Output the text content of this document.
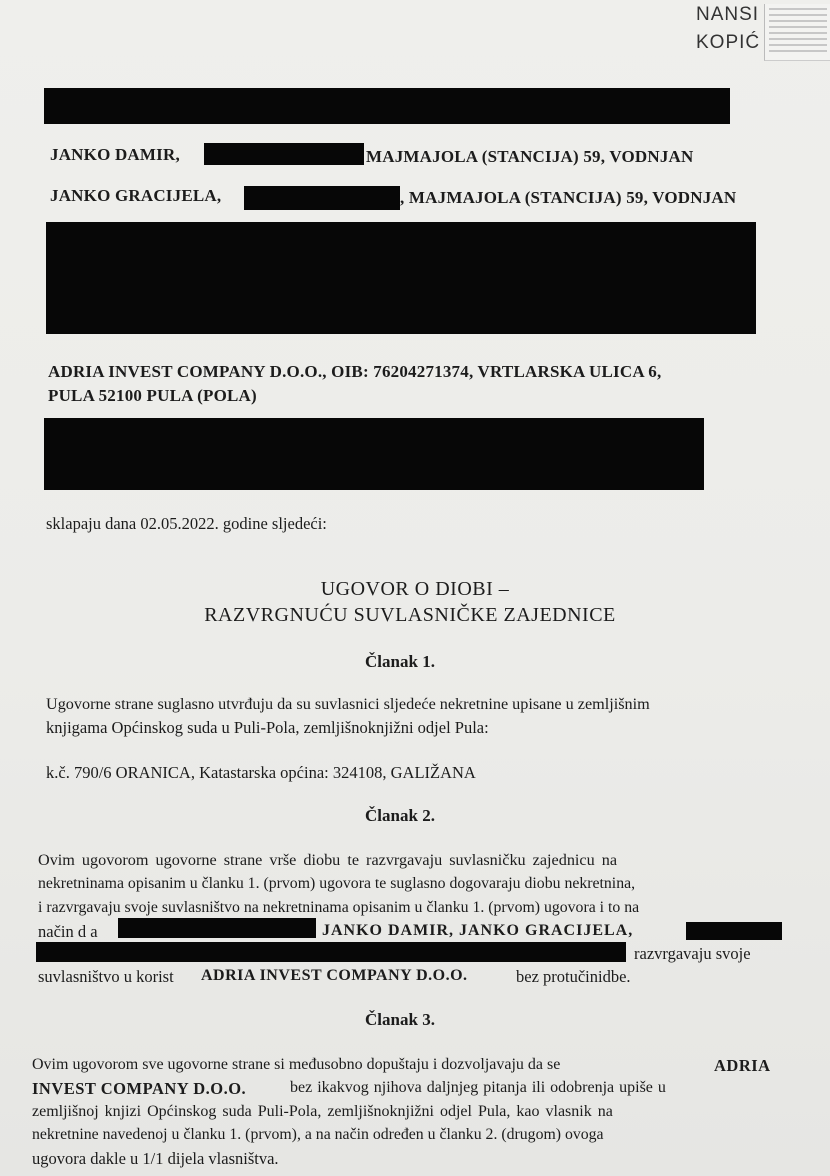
NANSI
KOPIĆ
JANKO DAMIR,	MAJMAJOLA (STANCIJA) 59, VODNJAN
JANKO GRACIJELA,	, MAJMAJOLA (STANCIJA) 59, VODNJAN
ADRIA INVEST COMPANY D.O.O., OIB: 76204271374, VRTLARSKA ULICA 6,
PULA 52100 PULA (POLA)
sklapaju dana 02.05.2022. godine sljedeći:
UGOVOR O DIOBI –
RAZVRGNUĆU SUVLASNIČKE ZAJEDNICE
Članak 1.
Ugovorne strane suglasno utvrđuju da su suvlasnici sljedeće nekretnine upisane u zemljišnim
knjigama Općinskog suda u Puli-Pola, zemljišnoknjižni odjel Pula:
k.č. 790/6 ORANICA, Katastarska općina: 324108, GALIŽANA
Članak 2.
Ovim ugovorom ugovorne strane vrše diobu te razvrgavaju suvlasničku zajednicu na
nekretninama opisanim u članku 1. (prvom) ugovora te suglasno dogovaraju diobu nekretnina,
i razvrgavaju svoje suvlasništvo na nekretninama opisanim u članku 1. (prvom) ugovora i to na
način d a	JANKO DAMIR, JANKO GRACIJELA,
razvrgavaju svoje
suvlasništvo u korist ADRIA INVEST COMPANY D.O.O.	bez protučinidbe.
Članak 3.
Ovim ugovorom sve ugovorne strane si međusobno dopuštaju i dozvoljavaju da se	ADRIA
INVEST COMPANY D.O.O.	bez ikakvog njihova daljnjeg pitanja ili odobrenja upiše u
zemljišnoj knjizi Općinskog suda Puli-Pola, zemljišnoknjižni odjel Pula, kao vlasnik na
nekretnine navedenoj u članku 1. (prvom), a na način određen u članku 2. (drugom) ovoga
ugovora dakle u 1/1 dijela vlasništva.
